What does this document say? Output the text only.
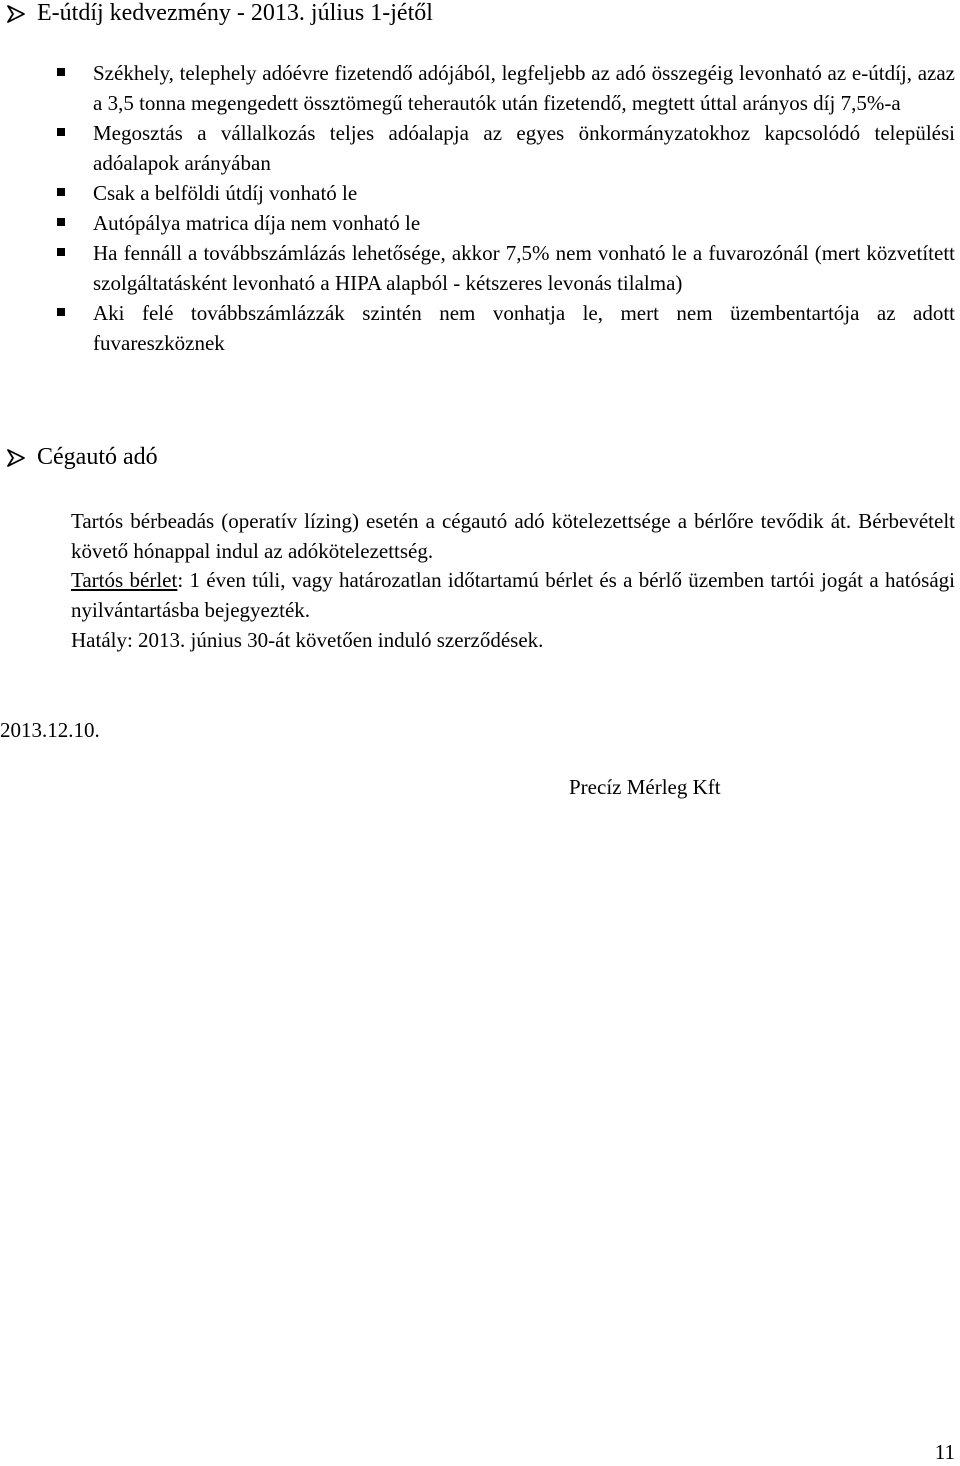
E-útdíj kedvezmény - 2013. július 1-jétől
Székhely, telephely adóévre fizetendő adójából, legfeljebb az adó összegéig levonható az e-útdíj, azaz a 3,5 tonna megengedett össztömegű teherautók után fizetendő, megtett úttal arányos díj 7,5%-a
Megosztás a vállalkozás teljes adóalapja az egyes önkormányzatokhoz kapcsolódó települési adóalapok arányában
Csak a belföldi útdíj vonható le
Autópálya matrica díja nem vonható le
Ha fennáll a továbbszámlázás lehetősége, akkor 7,5% nem vonható le a fuvarozónál (mert közvetített szolgáltatásként levonható a HIPA alapból - kétszeres levonás tilalma)
Aki felé továbbszámlázzák szintén nem vonhatja le, mert nem üzembentartója az adott fuvareszköznek
Cégautó adó
Tartós bérbeadás (operatív lízing) esetén a cégautó adó kötelezettsége a bérlőre tevődik át. Bérbevételt követő hónappal indul az adókötelezettség.
Tartós bérlet: 1 éven túli, vagy határozatlan időtartamú bérlet és a bérlő üzemben tartói jogát a hatósági nyilvántartásba bejegyezték.
Hatály: 2013. június 30-át követően induló szerződések.
2013.12.10.
Precíz Mérleg Kft
11
